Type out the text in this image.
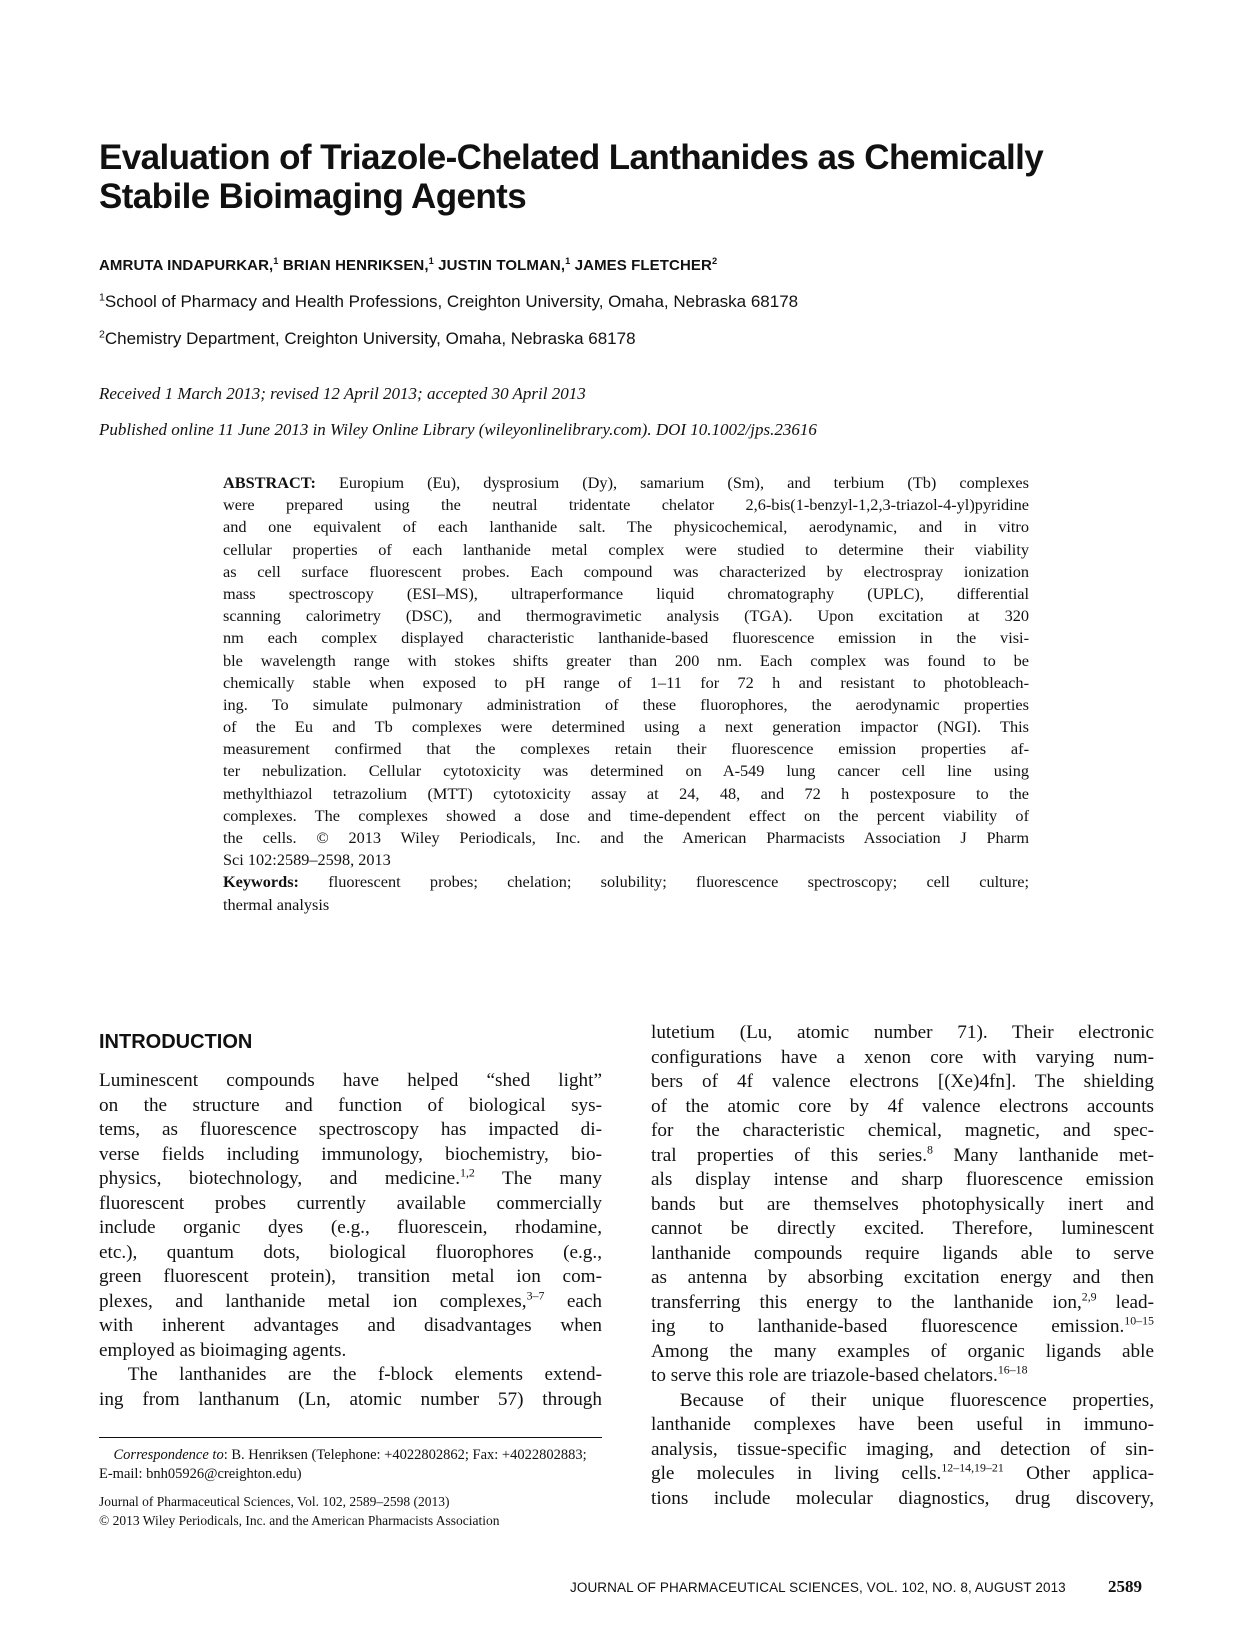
Evaluation of Triazole-Chelated Lanthanides as Chemically
Stabile Bioimaging Agents
AMRUTA INDAPURKAR,$^1$ BRIAN HENRIKSEN,$^1$ JUSTIN TOLMAN,$^1$ JAMES FLETCHER$^2$
$^1$School of Pharmacy and Health Professions, Creighton University, Omaha, Nebraska 68178
$^2$Chemistry Department, Creighton University, Omaha, Nebraska 68178
Received 1 March 2013; revised 12 April 2013; accepted 30 April 2013
Published online 11 June 2013 in Wiley Online Library (wileyonlinelibrary.com). DOI 10.1002/jps.23616
ABSTRACT: Europium (Eu), dysprosium (Dy), samarium (Sm), and terbium (Tb) complexes
were prepared using the neutral tridentate chelator 2,6-bis(1-benzyl-1,2,3-triazol-4-yl)pyridine
and one equivalent of each lanthanide salt. The physicochemical, aerodynamic, and in vitro
cellular properties of each lanthanide metal complex were studied to determine their viability
as cell surface fluorescent probes. Each compound was characterized by electrospray ionization
mass spectroscopy (ESI–MS), ultraperformance liquid chromatography (UPLC), differential
scanning calorimetry (DSC), and thermogravimetic analysis (TGA). Upon excitation at 320
nm each complex displayed characteristic lanthanide-based fluorescence emission in the visi-
ble wavelength range with stokes shifts greater than 200 nm. Each complex was found to be
chemically stable when exposed to pH range of 1–11 for 72 h and resistant to photobleach-
ing. To simulate pulmonary administration of these fluorophores, the aerodynamic properties
of the Eu and Tb complexes were determined using a next generation impactor (NGI). This
measurement confirmed that the complexes retain their fluorescence emission properties af-
ter nebulization. Cellular cytotoxicity was determined on A-549 lung cancer cell line using
methylthiazol tetrazolium (MTT) cytotoxicity assay at 24, 48, and 72 h postexposure to the
complexes. The complexes showed a dose and time-dependent effect on the percent viability of
the cells. © 2013 Wiley Periodicals, Inc. and the American Pharmacists Association J Pharm
Sci 102:2589–2598, 2013
Keywords: fluorescent probes; chelation; solubility; fluorescence spectroscopy; cell culture;
thermal analysis
INTRODUCTION
Luminescent compounds have helped “shed light”
on the structure and function of biological sys-
tems, as fluorescence spectroscopy has impacted di-
verse fields including immunology, biochemistry, bio-
physics, biotechnology, and medicine.$^{1,2}$ The many
fluorescent probes currently available commercially
include organic dyes (e.g., fluorescein, rhodamine,
etc.), quantum dots, biological fluorophores (e.g.,
green fluorescent protein), transition metal ion com-
plexes, and lanthanide metal ion complexes,$^{3-7}$ each
with inherent advantages and disadvantages when
employed as bioimaging agents.
  The lanthanides are the f-block elements extend-
ing from lanthanum (Ln, atomic number 57) through
lutetium (Lu, atomic number 71). Their electronic
configurations have a xenon core with varying num-
bers of 4f valence electrons [(Xe)4fn]. The shielding
of the atomic core by 4f valence electrons accounts
for the characteristic chemical, magnetic, and spec-
tral properties of this series.$^8$ Many lanthanide met-
als display intense and sharp fluorescence emission
bands but are themselves photophysically inert and
cannot be directly excited. Therefore, luminescent
lanthanide compounds require ligands able to serve
as antenna by absorbing excitation energy and then
transferring this energy to the lanthanide ion,$^{2,9}$ lead-
ing to lanthanide-based fluorescence emission.$^{10-15}$
Among the many examples of organic ligands able
to serve this role are triazole-based chelators.$^{16-18}$
  Because of their unique fluorescence properties,
lanthanide complexes have been useful in immuno-
analysis, tissue-specific imaging, and detection of sin-
gle molecules in living cells.$^{12-14,19-21}$ Other applica-
tions include molecular diagnostics, drug discovery,
Correspondence to: B. Henriksen (Telephone: +4022802862; Fax: +4022802883; E-mail: bnh05926@creighton.edu)
Journal of Pharmaceutical Sciences, Vol. 102, 2589–2598 (2013)
© 2013 Wiley Periodicals, Inc. and the American Pharmacists Association
JOURNAL OF PHARMACEUTICAL SCIENCES, VOL. 102, NO. 8, AUGUST 2013 2589
